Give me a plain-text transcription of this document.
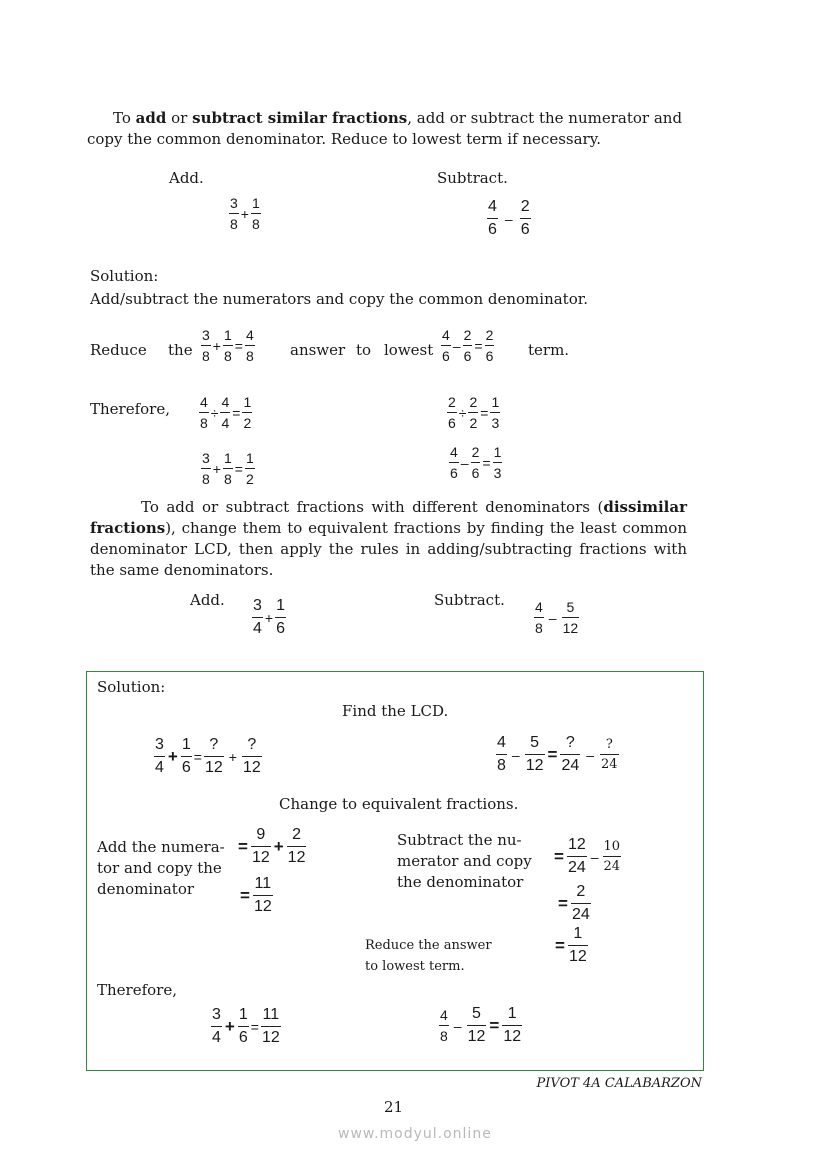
To add or subtract similar fractions, add or subtract the numerator and
copy the common denominator. Reduce to lowest term if necessary.
Add.	Subtract.
$\frac{3}{8} + \frac{1}{8}$	$\frac{4}{6} - \frac{2}{6}$
Solution:
Add/subtract the numerators and copy the common denominator.
Reduce the $\frac{3}{8} + \frac{1}{8} = \frac{4}{8}$ answer to lowest $\frac{4}{6} - \frac{2}{6} = \frac{2}{6}$ term.
Therefore, $\frac{4}{8} \div \frac{4}{4} = \frac{1}{2}$	$\frac{2}{6} \div \frac{2}{2} = \frac{1}{3}$
$\frac{3}{8} + \frac{1}{8} = \frac{1}{2}$	$\frac{4}{6} - \frac{2}{6} = \frac{1}{3}$
To add or subtract fractions with different denominators (dissimilar
fractions), change them to equivalent fractions by finding the least common
denominator LCD, then apply the rules in adding/subtracting fractions with
the same denominators.
Add. $\frac{3}{4} + \frac{1}{6}$	Subtract. $\frac{4}{8} - \frac{5}{12}$
Solution:
Find the LCD.
$\frac{3}{4} + \frac{1}{6} = \frac{?}{12} + \frac{?}{12}$	$\frac{4}{8} - \frac{5}{12} = \frac{?}{24} - \frac{?}{24}$
Change to equivalent fractions.
Add the numera-
tor and copy the
denominator
= $\frac{9}{12} + \frac{2}{12}$
= $\frac{11}{12}$
Subtract the nu-
merator and copy
the denominator
= $\frac{12}{24} - \frac{10}{24}$
= $\frac{2}{24}$
Reduce the answer
to lowest term.
= $\frac{1}{12}$
Therefore,
$\frac{3}{4} + \frac{1}{6} = \frac{11}{12}$	$\frac{4}{8} - \frac{5}{12} = \frac{1}{12}$
PIVOT 4A CALABARZON
21
www.modyul.online
